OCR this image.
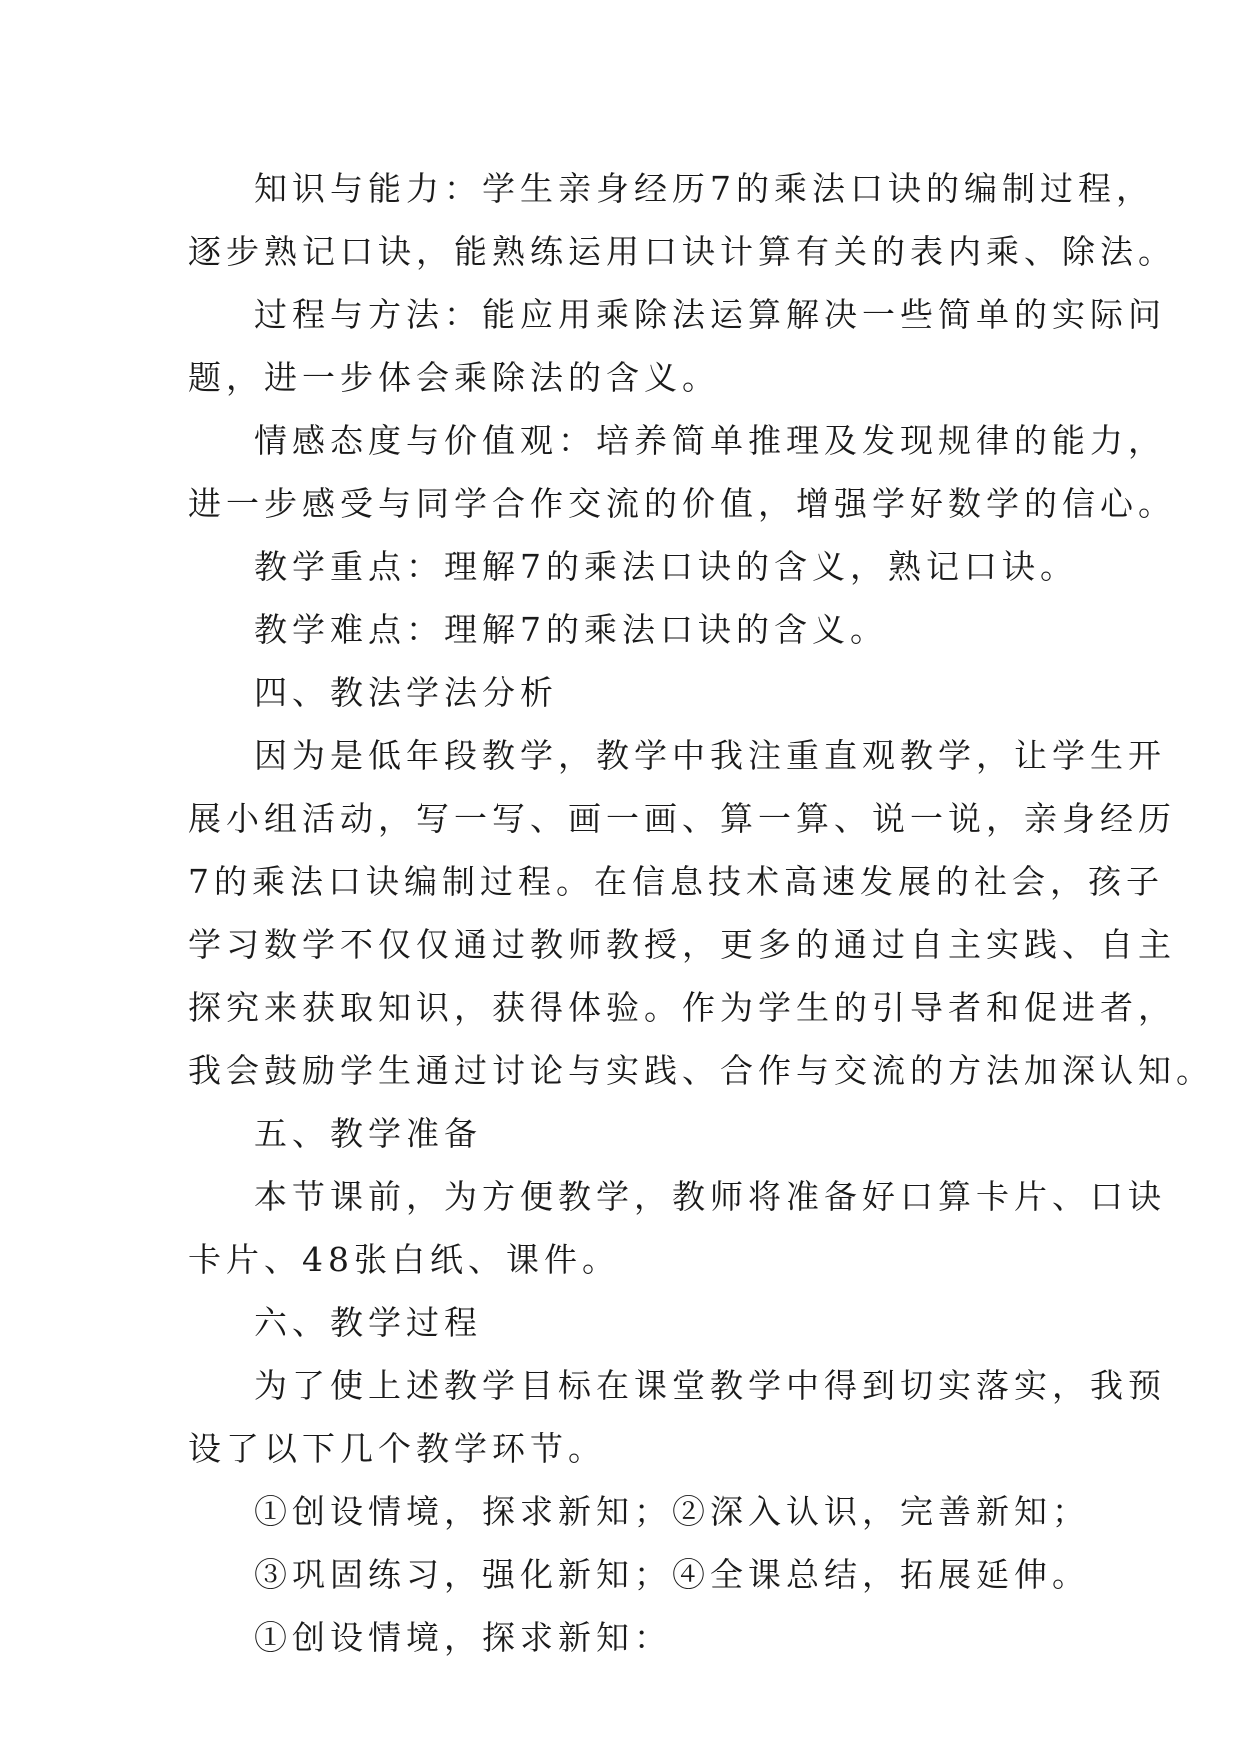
知识与能力：学生亲身经历7的乘法口诀的编制过程，
逐步熟记口诀，能熟练运用口诀计算有关的表内乘、除法。
过程与方法：能应用乘除法运算解决一些简单的实际问
题，进一步体会乘除法的含义。
情感态度与价值观：培养简单推理及发现规律的能力，
进一步感受与同学合作交流的价值，增强学好数学的信心。
教学重点：理解7的乘法口诀的含义，熟记口诀。
教学难点：理解7的乘法口诀的含义。
四、教法学法分析
因为是低年段教学，教学中我注重直观教学，让学生开
展小组活动，写一写、画一画、算一算、说一说，亲身经历
7的乘法口诀编制过程。在信息技术高速发展的社会，孩子
学习数学不仅仅通过教师教授，更多的通过自主实践、自主
探究来获取知识，获得体验。作为学生的引导者和促进者，
我会鼓励学生通过讨论与实践、合作与交流的方法加深认知。
五、教学准备
本节课前，为方便教学，教师将准备好口算卡片、口诀
卡片、48张白纸、课件。
六、教学过程
为了使上述教学目标在课堂教学中得到切实落实，我预
设了以下几个教学环节。
①创设情境，探求新知；②深入认识，完善新知；
③巩固练习，强化新知；④全课总结，拓展延伸。
①创设情境，探求新知：
